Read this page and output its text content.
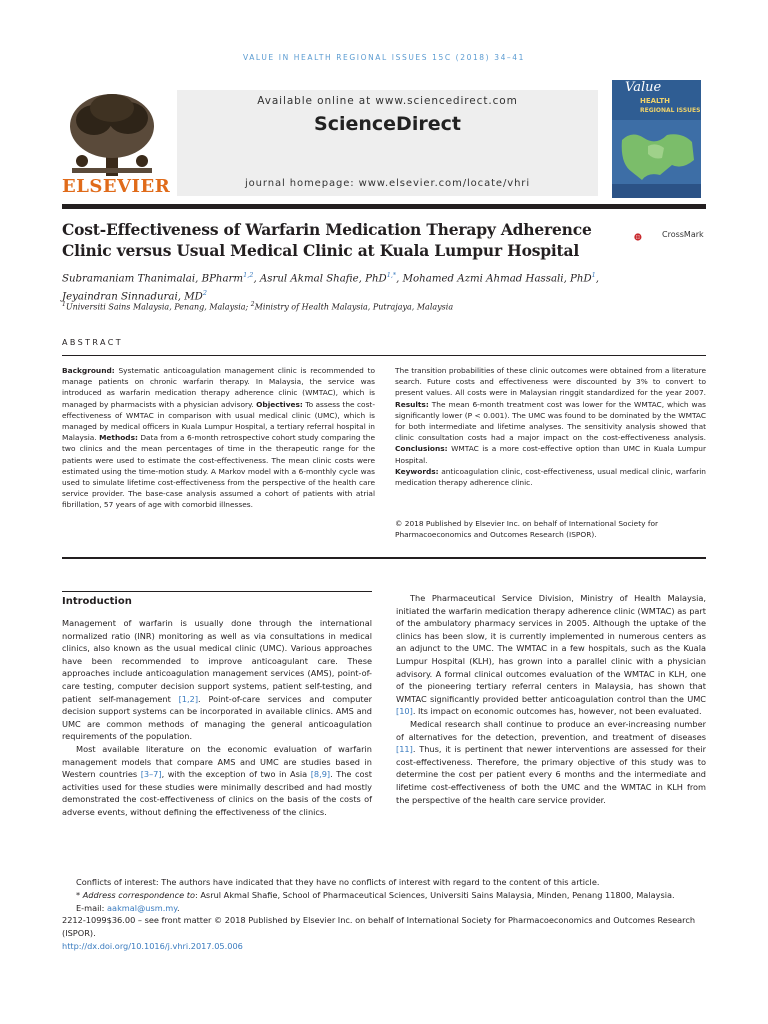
VALUE IN HEALTH REGIONAL ISSUES 15C (2018) 34–41
ELSEVIER
Available online at www.sciencedirect.com
ScienceDirect
journal homepage: www.elsevier.com/locate/vhri
Value
HEALTH
REGIONAL ISSUES
Cost-Effectiveness of Warfarin Medication Therapy Adherence Clinic versus Usual Medical Clinic at Kuala Lumpur Hospital
CrossMark
Subramaniam Thanimalai, BPharm$^{1,2}$, Asrul Akmal Shafie, PhD$^{1,*}$, Mohamed Azmi Ahmad Hassali, PhD$^1$, Jeyaindran Sinnadurai, $MD^2$
$^1$Universiti Sains Malaysia, Penang, Malaysia; $^2$Ministry of Health Malaysia, Putrajaya, Malaysia
ABSTRACT
Background: Systematic anticoagulation management clinic is recommended to manage patients on chronic warfarin therapy. In Malaysia, the service was introduced as warfarin medication therapy adherence clinic (WMTAC), which is managed by pharmacists with a physician advisory. Objectives: To assess the cost-effectiveness of WMTAC in comparison with usual medical clinic (UMC), which is managed by medical officers in Kuala Lumpur Hospital, a tertiary referral hospital in Malaysia. Methods: Data from a 6-month retrospective cohort study comparing the two clinics and the mean percentages of time in the therapeutic range for the patients were used to estimate the cost-effectiveness. The mean clinic costs were estimated using the time-motion study. A Markov model with a 6-monthly cycle was used to simulate lifetime cost-effectiveness from the perspective of the health care service provider. The base-case analysis assumed a cohort of patients with atrial fibrillation, 57 years of age with comorbid illnesses.
The transition probabilities of these clinic outcomes were obtained from a literature search. Future costs and effectiveness were discounted by 3% to convert to present values. All costs were in Malaysian ringgit standardized for the year 2007. Results: The mean 6-month treatment cost was lower for the WMTAC, which was significantly lower (P < 0.001). The UMC was found to be dominated by the WMTAC for both intermediate and lifetime analyses. The sensitivity analysis showed that clinic consultation costs had a major impact on the cost-effectiveness analysis. Conclusions: WMTAC is a more cost-effective option than UMC in Kuala Lumpur Hospital.
Keywords: anticoagulation clinic, cost-effectiveness, usual medical clinic, warfarin medication therapy adherence clinic.
© 2018 Published by Elsevier Inc. on behalf of International Society for Pharmacoeconomics and Outcomes Research (ISPOR).
Introduction

Management of warfarin is usually done through the international normalized ratio (INR) monitoring as well as via consultations in medical clinics, also known as the usual medical clinic (UMC). Various approaches have been recommended to improve anticoagulant care. These approaches include anticoagulation management services (AMS), point-of-care testing, computer decision support systems, patient self-testing, and patient self-management [1,2]. Point-of-care services and computer decision support systems can be incorporated in available clinics. AMS and UMC are common methods of managing the general anticoagulation requirements of the population.

Most available literature on the economic evaluation of warfarin management models that compare AMS and UMC are studies based in Western countries [3–7], with the exception of two in Asia [8,9]. The cost activities used for these studies were minimally described and had mostly demonstrated the cost-effectiveness of clinics on the basis of the costs of adverse events, without defining the effectiveness of the clinics.

The Pharmaceutical Service Division, Ministry of Health Malaysia, initiated the warfarin medication therapy adherence clinic (WMTAC) as part of the ambulatory pharmacy services in 2005. Although the uptake of the clinics has been slow, it is currently implemented in numerous centers as an adjunct to the UMC. The WMTAC in a few hospitals, such as the Kuala Lumpur Hospital (KLH), has grown into a parallel clinic with a physician advisory. A formal clinical outcomes evaluation of the WMTAC in KLH, one of the pioneering tertiary referral centers in Malaysia, has shown that WMTAC significantly provided better anticoagulation control than the UMC [10]. Its impact on economic outcomes has, however, not been evaluated.

Medical research shall continue to produce an ever-increasing number of alternatives for the detection, prevention, and treatment of diseases [11]. Thus, it is pertinent that newer interventions are assessed for their cost-effectiveness. Therefore, the primary objective of this study was to determine the cost per patient every 6 months and the intermediate and lifetime cost-effectiveness of both the UMC and the WMTAC in KLH from the perspective of the health care service provider.

Conflicts of interest: The authors have indicated that they have no conflicts of interest with regard to the content of this article.
* Address correspondence to: Asrul Akmal Shafie, School of Pharmaceutical Sciences, Universiti Sains Malaysia, Minden, Penang 11800, Malaysia.
E-mail: aakmal@usm.my.
2212-1099$36.00 – see front matter © 2018 Published by Elsevier Inc. on behalf of International Society for Pharmacoeconomics and Outcomes Research (ISPOR).
http://dx.doi.org/10.1016/j.vhri.2017.05.006
